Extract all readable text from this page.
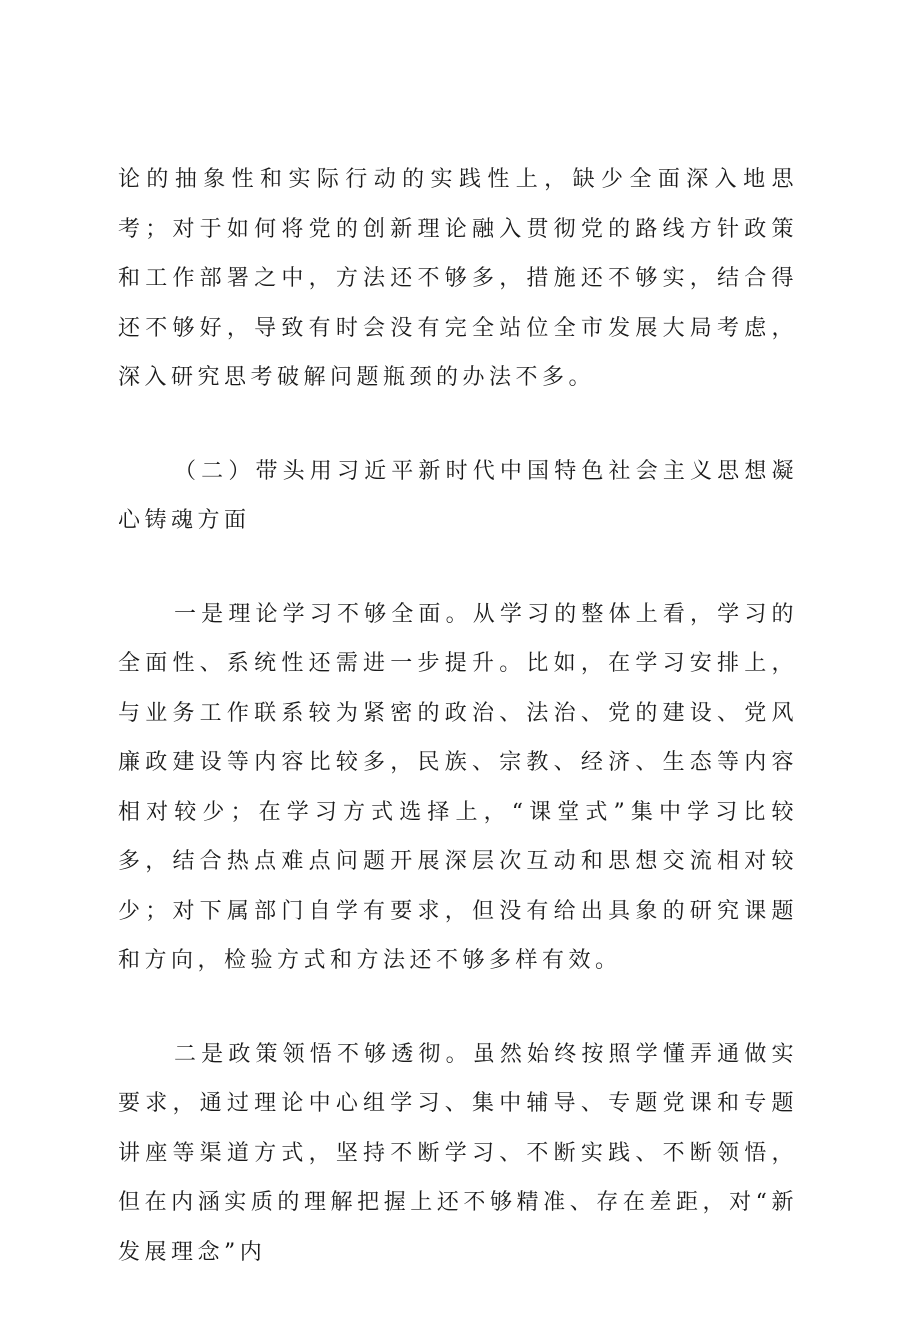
论的抽象性和实际行动的实践性上，缺少全面深入地思考；对于如何将党的创新理论融入贯彻党的路线方针政策和工作部署之中，方法还不够多，措施还不够实，结合得还不够好，导致有时会没有完全站位全市发展大局考虑，深入研究思考破解问题瓶颈的办法不多。

（二）带头用习近平新时代中国特色社会主义思想凝心铸魂方面

一是理论学习不够全面。从学习的整体上看，学习的全面性、系统性还需进一步提升。比如，在学习安排上，与业务工作联系较为紧密的政治、法治、党的建设、党风廉政建设等内容比较多，民族、宗教、经济、生态等内容相对较少；在学习方式选择上，“课堂式”集中学习比较多，结合热点难点问题开展深层次互动和思想交流相对较少；对下属部门自学有要求，但没有给出具象的研究课题和方向，检验方式和方法还不够多样有效。

二是政策领悟不够透彻。虽然始终按照学懂弄通做实要求，通过理论中心组学习、集中辅导、专题党课和专题讲座等渠道方式，坚持不断学习、不断实践、不断领悟，但在内涵实质的理解把握上还不够精准、存在差距，对“新发展理念”内
